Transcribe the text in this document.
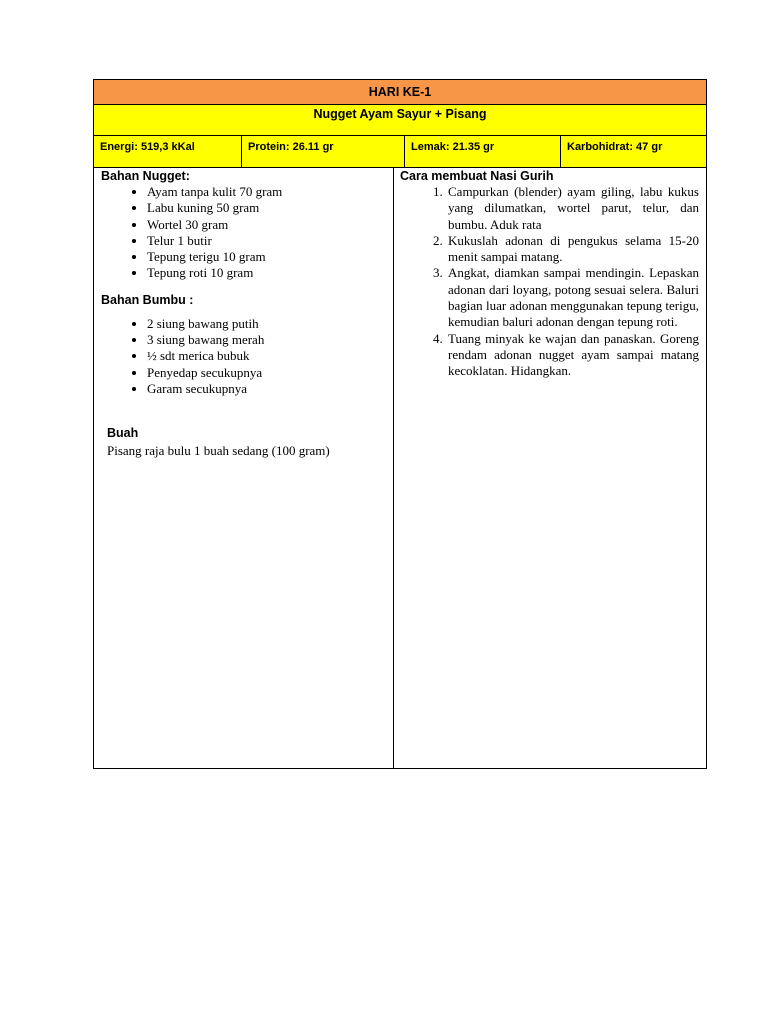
HARI KE-1
Nugget Ayam Sayur + Pisang
Energi: 519,3 kKal	Protein: 26.11 gr	Lemak: 21.35 gr	Karbohidrat: 47 gr

Bahan Nugget:

• Ayam tanpa kulit 70 gram
• Labu kuning 50 gram
• Wortel 30 gram
• Telur 1 butir
• Tepung terigu 10 gram
• Tepung roti 10 gram

Bahan Bumbu :

• 2 siung bawang putih
• 3 siung bawang merah
• ½ sdt merica bubuk
• Penyedap secukupnya
• Garam secukupnya

Buah

Pisang raja bulu 1 buah sedang (100 gram)

Cara membuat Nasi Gurih

1. Campurkan (blender) ayam giling, labu kukus yang dilumatkan, wortel parut, telur, dan bumbu. Aduk rata
2. Kukuslah adonan di pengukus selama 15-20 menit sampai matang.
3. Angkat, diamkan sampai mendingin. Lepaskan adonan dari loyang, potong sesuai selera. Baluri bagian luar adonan menggunakan tepung terigu, kemudian baluri adonan dengan tepung roti.
4. Tuang minyak ke wajan dan panaskan. Goreng rendam adonan nugget ayam sampai matang kecoklatan. Hidangkan.
